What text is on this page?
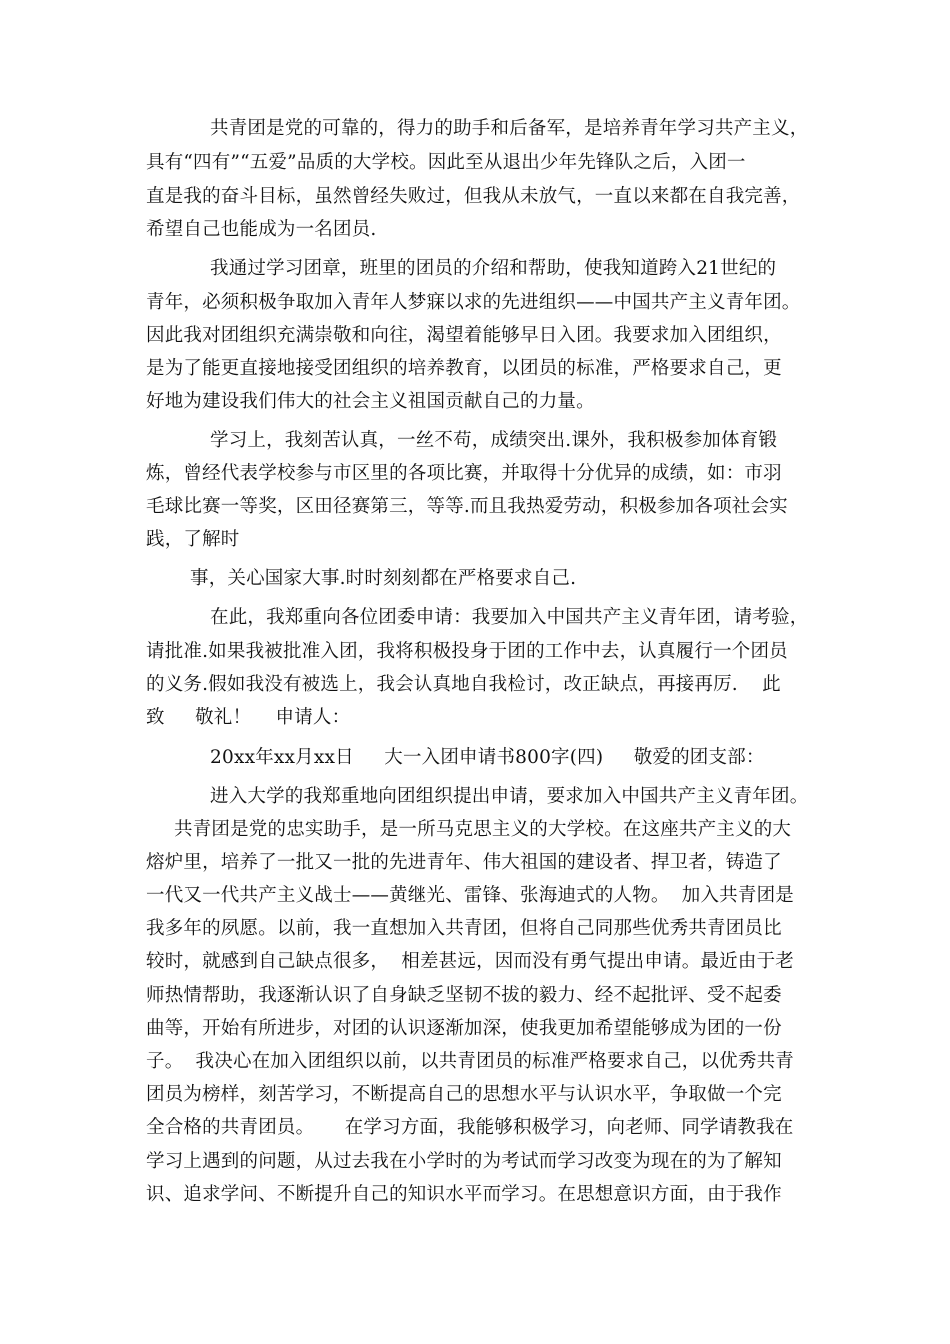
共青团是党的可靠的，得力的助手和后备军，是培养青年学习共产主义，
具有“四有”“五爱”品质的大学校。因此至从退出少年先锋队之后，入团一
直是我的奋斗目标，虽然曾经失败过，但我从未放气，一直以来都在自我完善，
希望自己也能成为一名团员.
我通过学习团章，班里的团员的介绍和帮助，使我知道跨入21世纪的
青年，必须积极争取加入青年人梦寐以求的先进组织——中国共产主义青年团。
因此我对团组织充满崇敬和向往，渴望着能够早日入团。我要求加入团组织，
是为了能更直接地接受团组织的培养教育，以团员的标准，严格要求自己，更
好地为建设我们伟大的社会主义祖国贡献自己的力量。
学习上，我刻苦认真，一丝不苟，成绩突出.课外，我积极参加体育锻
炼，曾经代表学校参与市区里的各项比赛，并取得十分优异的成绩，如：市羽
毛球比赛一等奖，区田径赛第三，等等.而且我热爱劳动，积极参加各项社会实
践，了解时
事，关心国家大事.时时刻刻都在严格要求自己.
在此，我郑重向各位团委申请：我要加入中国共产主义青年团，请考验，
请批准.如果我被批准入团，我将积极投身于团的工作中去，认真履行一个团员
的义务.假如我没有被选上，我会认真地自我检讨，改正缺点，再接再厉.    此
致     敬礼！    申请人：
20xx年xx月xx日     大一入团申请书800字(四)     敬爱的团支部：
进入大学的我郑重地向团组织提出申请，要求加入中国共产主义青年团。
共青团是党的忠实助手，是一所马克思主义的大学校。在这座共产主义的大
熔炉里，培养了一批又一批的先进青年、伟大祖国的建设者、捍卫者，铸造了
一代又一代共产主义战士——黄继光、雷锋、张海迪式的人物。  加入共青团是
我多年的夙愿。以前，我一直想加入共青团，但将自己同那些优秀共青团员比
较时，就感到自己缺点很多，  相差甚远，因而没有勇气提出申请。最近由于老
师热情帮助，我逐渐认识了自身缺乏坚韧不拔的毅力、经不起批评、受不起委
曲等，开始有所进步，对团的认识逐渐加深，使我更加希望能够成为团的一份
子。  我决心在加入团组织以前，以共青团员的标准严格要求自己，以优秀共青
团员为榜样，刻苦学习，不断提高自己的思想水平与认识水平，争取做一个完
全合格的共青团员。     在学习方面，我能够积极学习，向老师、同学请教我在
学习上遇到的问题，从过去我在小学时的为考试而学习改变为现在的为了解知
识、追求学问、不断提升自己的知识水平而学习。在思想意识方面，由于我作
